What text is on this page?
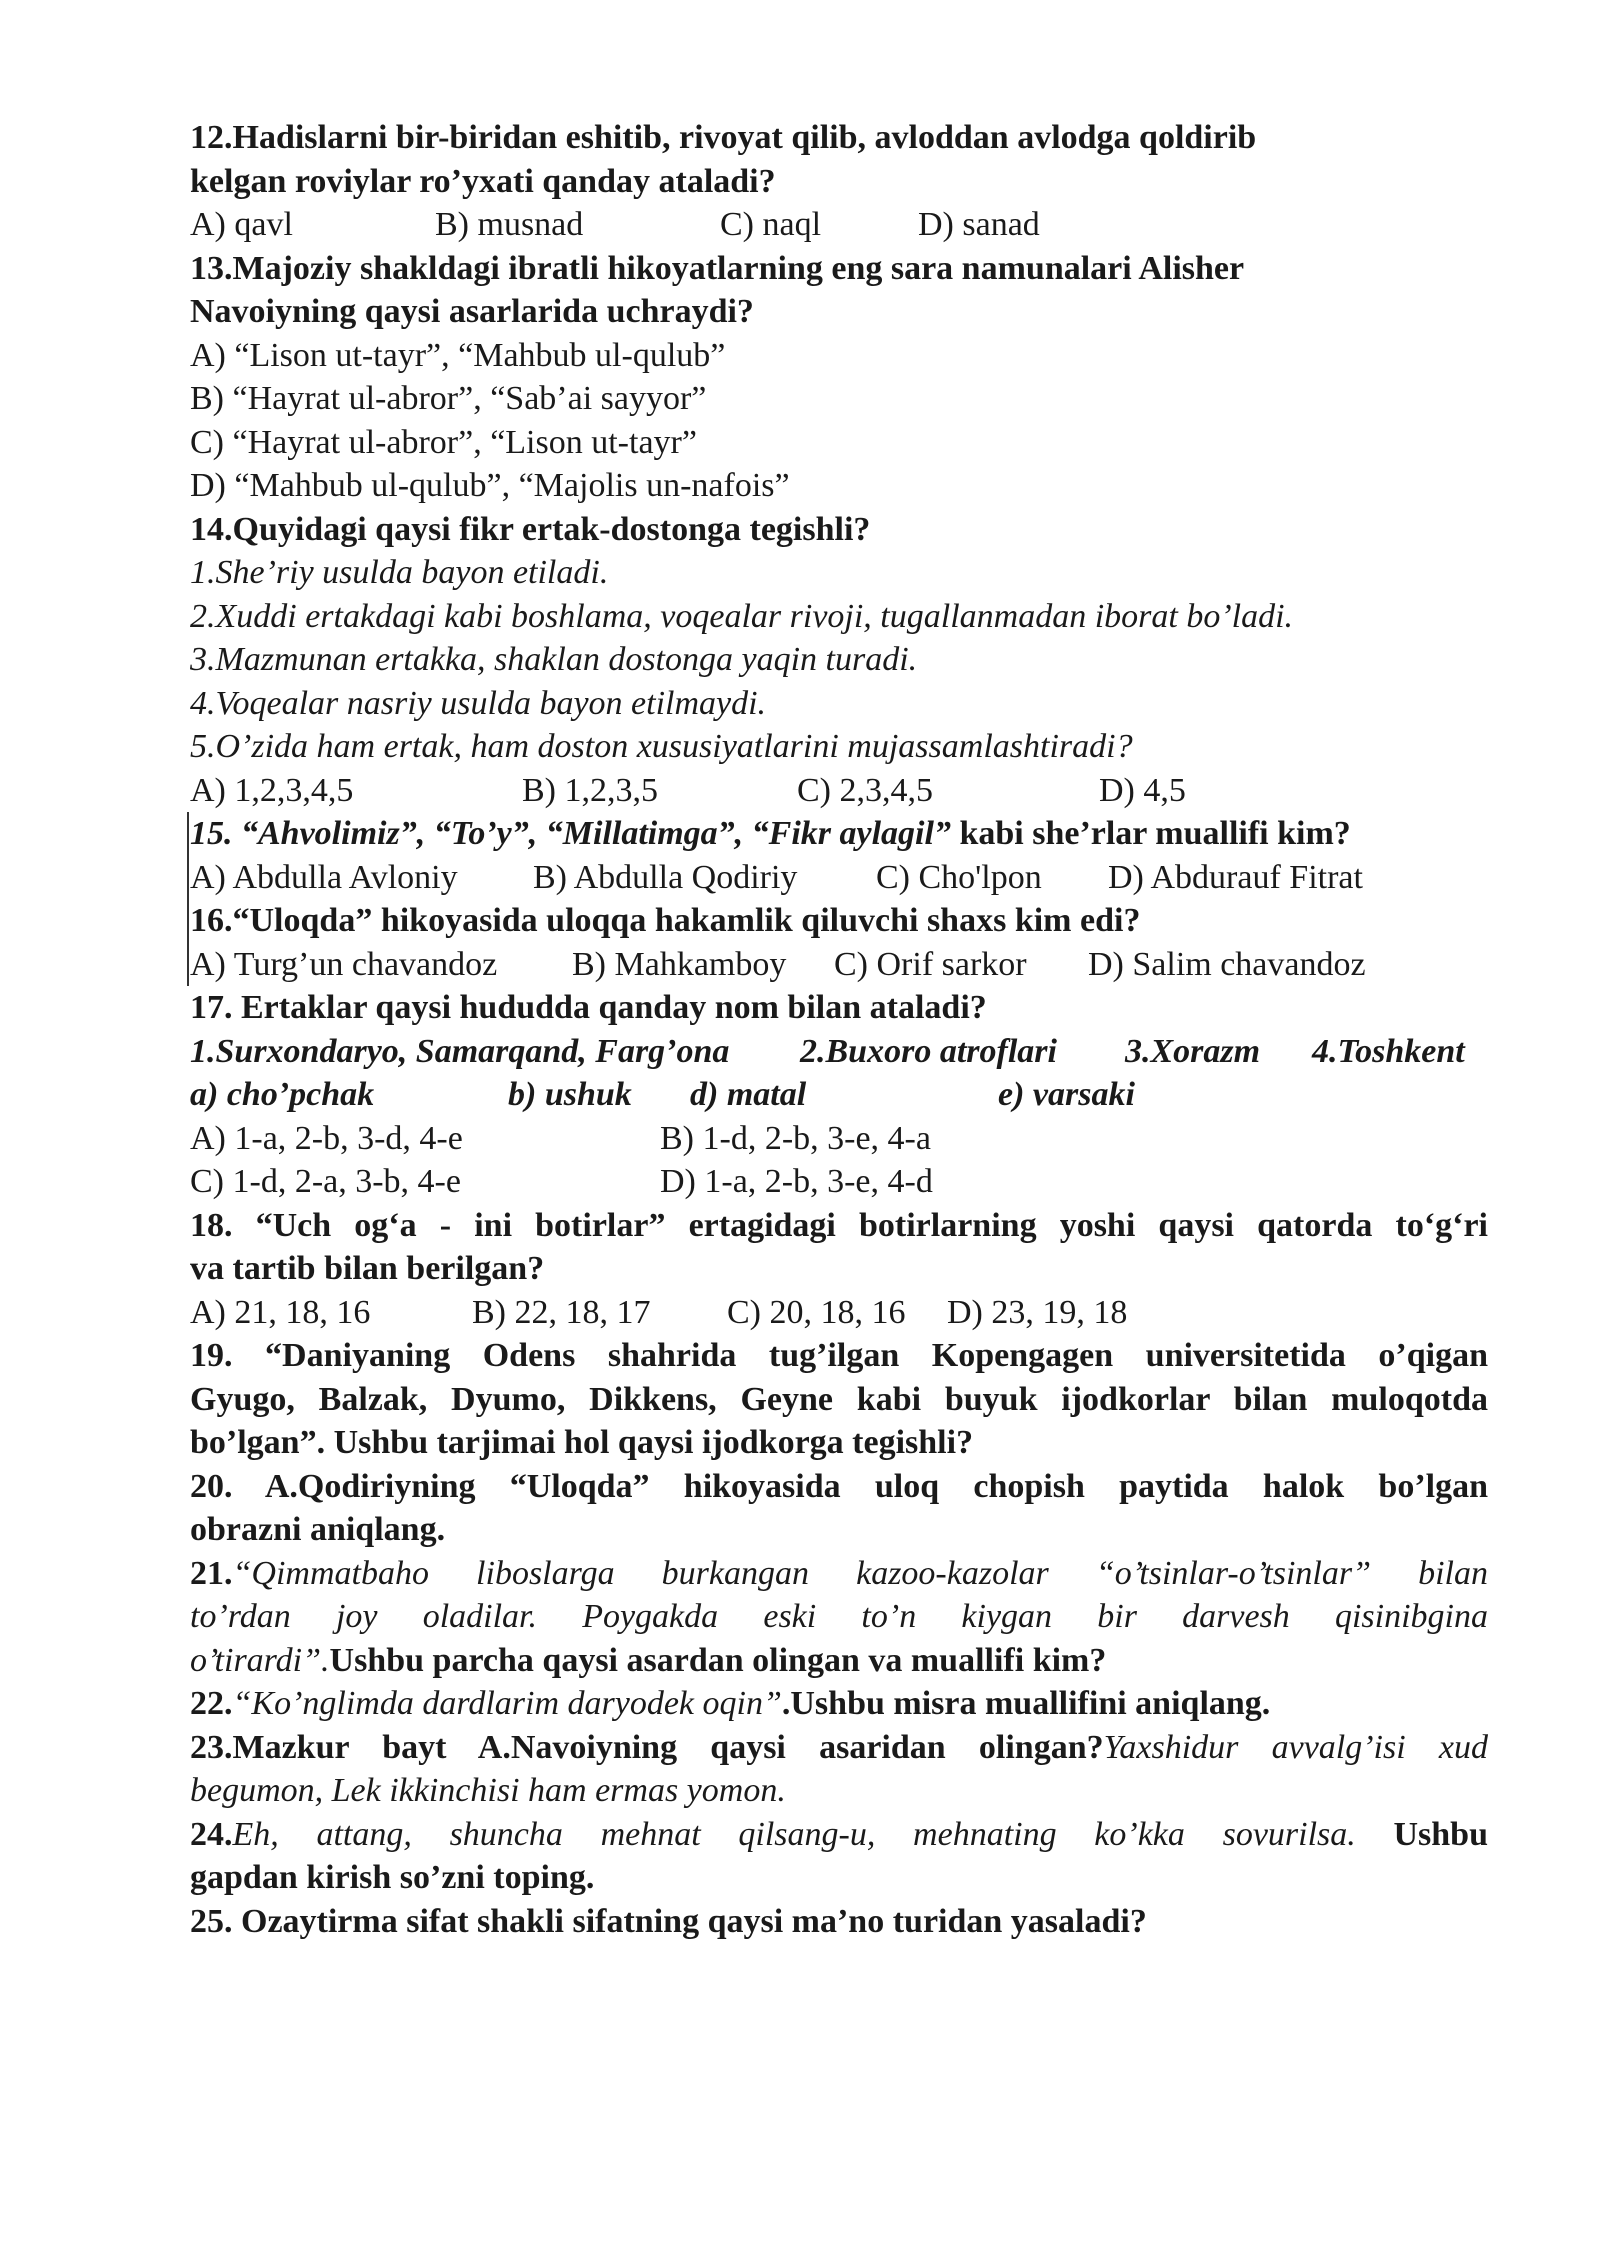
12.Hadislarni bir-biridan eshitib, rivoyat qilib, avloddan avlodga qoldirib
kelgan roviylar ro’yxati qanday ataladi?
A) qavl	B) musnad	C) naql	D) sanad
13.Majoziy shakldagi ibratli hikoyatlarning eng sara namunalari Alisher
Navoiyning qaysi asarlarida uchraydi?
A) “Lison ut-tayr”, “Mahbub ul-qulub”
B) “Hayrat ul-abror”, “Sab’ai sayyor”
C) “Hayrat ul-abror”, “Lison ut-tayr”
D) “Mahbub ul-qulub”, “Majolis un-nafois”
14.Quyidagi qaysi fikr ertak-dostonga tegishli?
1.She’riy usulda bayon etiladi.
2.Xuddi ertakdagi kabi boshlama, voqealar rivoji, tugallanmadan iborat bo’ladi.
3.Mazmunan ertakka, shaklan dostonga yaqin turadi.
4.Voqealar nasriy usulda bayon etilmaydi.
5.O’zida ham ertak, ham doston xususiyatlarini mujassamlashtiradi?
A) 1,2,3,4,5	B) 1,2,3,5	C) 2,3,4,5	D) 4,5
15. “Ahvolimiz”, “To’y”, “Millatimga”, “Fikr aylagil” kabi she’rlar muallifi kim?
A) Abdulla Avloniy B) Abdulla Qodiriy C) Cho'lpon D) Abdurauf Fitrat
16.“Uloqda” hikoyasida uloqqa hakamlik qiluvchi shaxs kim edi?
A) Turg’un chavandoz B) Mahkamboy C) Orif sarkor D) Salim chavandoz
17. Ertaklar qaysi hududda qanday nom bilan ataladi?
1.Surxondaryo, Samarqand, Farg’ona 2.Buxoro atroflari 3.Xorazm 4.Toshkent
a) cho’pchak	b) ushuk d) matal	e) varsaki
A) 1-a, 2-b, 3-d, 4-e	B) 1-d, 2-b, 3-e, 4-a
C) 1-d, 2-a, 3-b, 4-e	D) 1-a, 2-b, 3-e, 4-d
18. “Uch og‘a - ini botirlar” ertagidagi botirlarning yoshi qaysi qatorda to‘g‘ri
va tartib bilan berilgan?
A) 21, 18, 16	B) 22, 18, 17 C) 20, 18, 16 D) 23, 19, 18
19. “Daniyaning Odens shahrida tug’ilgan Kopengagen universitetida o’qigan
Gyugo, Balzak, Dyumo, Dikkens, Geyne kabi buyuk ijodkorlar bilan muloqotda
bo’lgan”. Ushbu tarjimai hol qaysi ijodkorga tegishli?
20. A.Qodiriyning “Uloqda” hikoyasida uloq chopish paytida halok bo’lgan
obrazni aniqlang.
21.“Qimmatbaho liboslarga burkangan kazoo-kazolar “o’tsinlar-o’tsinlar” bilan
to’rdan joy oladilar. Poygakda eski to’n kiygan bir darvesh qisinibgina
o’tirardi”.Ushbu parcha qaysi asardan olingan va muallifi kim?
22.“Ko’nglimda dardlarim daryodek oqin”.Ushbu misra muallifini aniqlang.
23.Mazkur bayt A.Navoiyning qaysi asaridan olingan?Yaxshidur avvalg’isi xud
begumon, Lek ikkinchisi ham ermas yomon.
24.Eh, attang, shuncha mehnat qilsang-u, mehnating ko’kka sovurilsa. Ushbu
gapdan kirish so’zni toping.
25. Ozaytirma sifat shakli sifatning qaysi ma’no turidan yasaladi?
